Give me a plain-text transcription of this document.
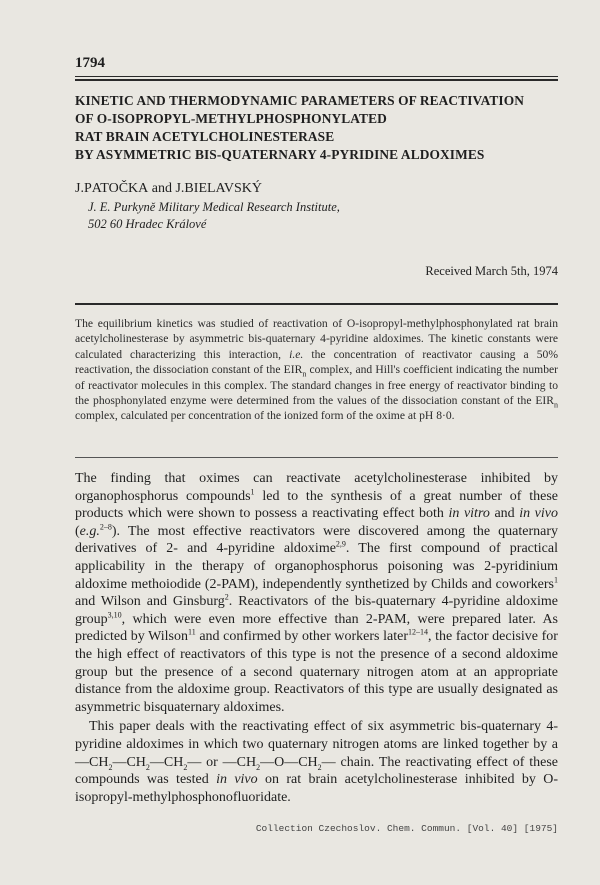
1794
KINETIC AND THERMODYNAMIC PARAMETERS OF REACTIVATION
OF O-ISOPROPYL-METHYLPHOSPHONYLATED
RAT BRAIN ACETYLCHOLINESTERASE
BY ASYMMETRIC BIS-QUATERNARY 4-PYRIDINE ALDOXIMES
J.PATOČKA and J.BIELAVSKÝ
J. E. Purkyně Military Medical Research Institute,
502 60 Hradec Králové
Received March 5th, 1974
The equilibrium kinetics was studied of reactivation of O-isopropyl-methylphosphonylated rat brain acetylcholinesterase by asymmetric bis-quaternary 4-pyridine aldoximes. The kinetic constants were calculated characterizing this interaction, i.e. the concentration of reactivator causing a 50% reactivation, the dissociation constant of the $EIR_n$ complex, and Hill's coefficient indicating the number of reactivator molecules in this complex. The standard changes in free energy of reactivator binding to the phosphonylated enzyme were determined from the values of the dissociation constant of the $EIR_n$ complex, calculated per concentration of the ionized form of the oxime at pH 8·0.

The finding that oximes can reactivate acetylcholinesterase inhibited by organophosphorus compounds$^1$ led to the synthesis of a great number of these products which were shown to possess a reactivating effect both in vitro and in vivo (e.g.$^{2-8}$). The most effective reactivators were discovered among the quaternary derivatives of 2- and 4-pyridine aldoxime$^{2,9}$. The first compound of practical applicability in the therapy of organophosphorus poisoning was 2-pyridinium aldoxime methoiodide (2-PAM), independently synthetized by Childs and coworkers$^1$ and Wilson and Ginsburg$^2$. Reactivators of the bis-quaternary 4-pyridine aldoxime group$^{3,10}$, which were even more effective than 2-PAM, were prepared later. As predicted by Wilson$^{11}$ and confirmed by other workers later$^{12-14}$, the factor decisive for the high effect of reactivators of this type is not the presence of a second aldoxime group but the presence of a second quaternary nitrogen atom at an appropriate distance from the aldoxime group. Reactivators of this type are usually designated as asymmetric bisquaternary aldoximes.

This paper deals with the reactivating effect of six asymmetric bis-quaternary 4-pyridine aldoximes in which two quaternary nitrogen atoms are linked together by a $—CH_2—CH_2—CH_2—$ or $—CH_2—O—CH_2—$ chain. The reactivating effect of these compounds was tested in vivo on rat brain acetylcholinesterase inhibited by O-isopropyl-methylphosphonofluoridate.

Collection Czechoslov. Chem. Commun. [Vol. 40] [1975]
